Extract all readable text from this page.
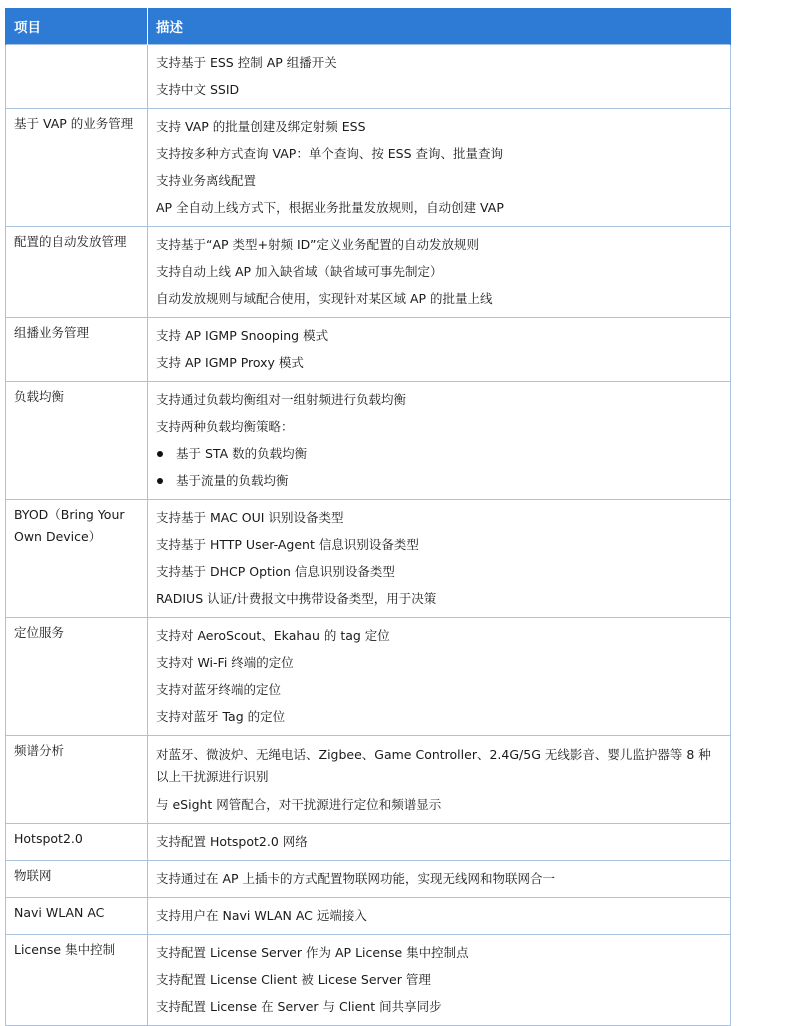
项目	描述

	支持基于 ESS 控制 AP 组播开关
支持中文 SSID

基于 VAP 的业务管理	支持 VAP 的批量创建及绑定射频 ESS
支持按多种方式查询 VAP：单个查询、按 ESS 查询、批量查询
支持业务离线配置
AP 全自动上线方式下，根据业务批量发放规则，自动创建 VAP

配置的自动发放管理	支持基于“AP 类型+射频 ID”定义业务配置的自动发放规则
支持自动上线 AP 加入缺省域（缺省域可事先制定）
自动发放规则与域配合使用，实现针对某区域 AP 的批量上线

组播业务管理	支持 AP IGMP Snooping 模式
支持 AP IGMP Proxy 模式

负载均衡	支持通过负载均衡组对一组射频进行负载均衡
支持两种负载均衡策略：
基于 STA 数的负载均衡
基于流量的负载均衡

BYOD（Bring Your Own Device）	支持基于 MAC OUI 识别设备类型
支持基于 HTTP User-Agent 信息识别设备类型
支持基于 DHCP Option 信息识别设备类型
RADIUS 认证/计费报文中携带设备类型，用于决策

定位服务	支持对 AeroScout、Ekahau 的 tag 定位
支持对 Wi-Fi 终端的定位
支持对蓝牙终端的定位
支持对蓝牙 Tag 的定位

频谱分析	对蓝牙、微波炉、无绳电话、Zigbee、Game Controller、2.4G/5G 无线影音、婴儿监护器等 8 种以上干扰源进行识别
与 eSight 网管配合，对干扰源进行定位和频谱显示

Hotspot2.0	支持配置 Hotspot2.0 网络

物联网	支持通过在 AP 上插卡的方式配置物联网功能，实现无线网和物联网合一

Navi WLAN AC	支持用户在 Navi WLAN AC 远端接入

License 集中控制	支持配置 License Server 作为 AP License 集中控制点
支持配置 License Client 被 Licese Server 管理
支持配置 License 在 Server 与 Client 间共享同步
